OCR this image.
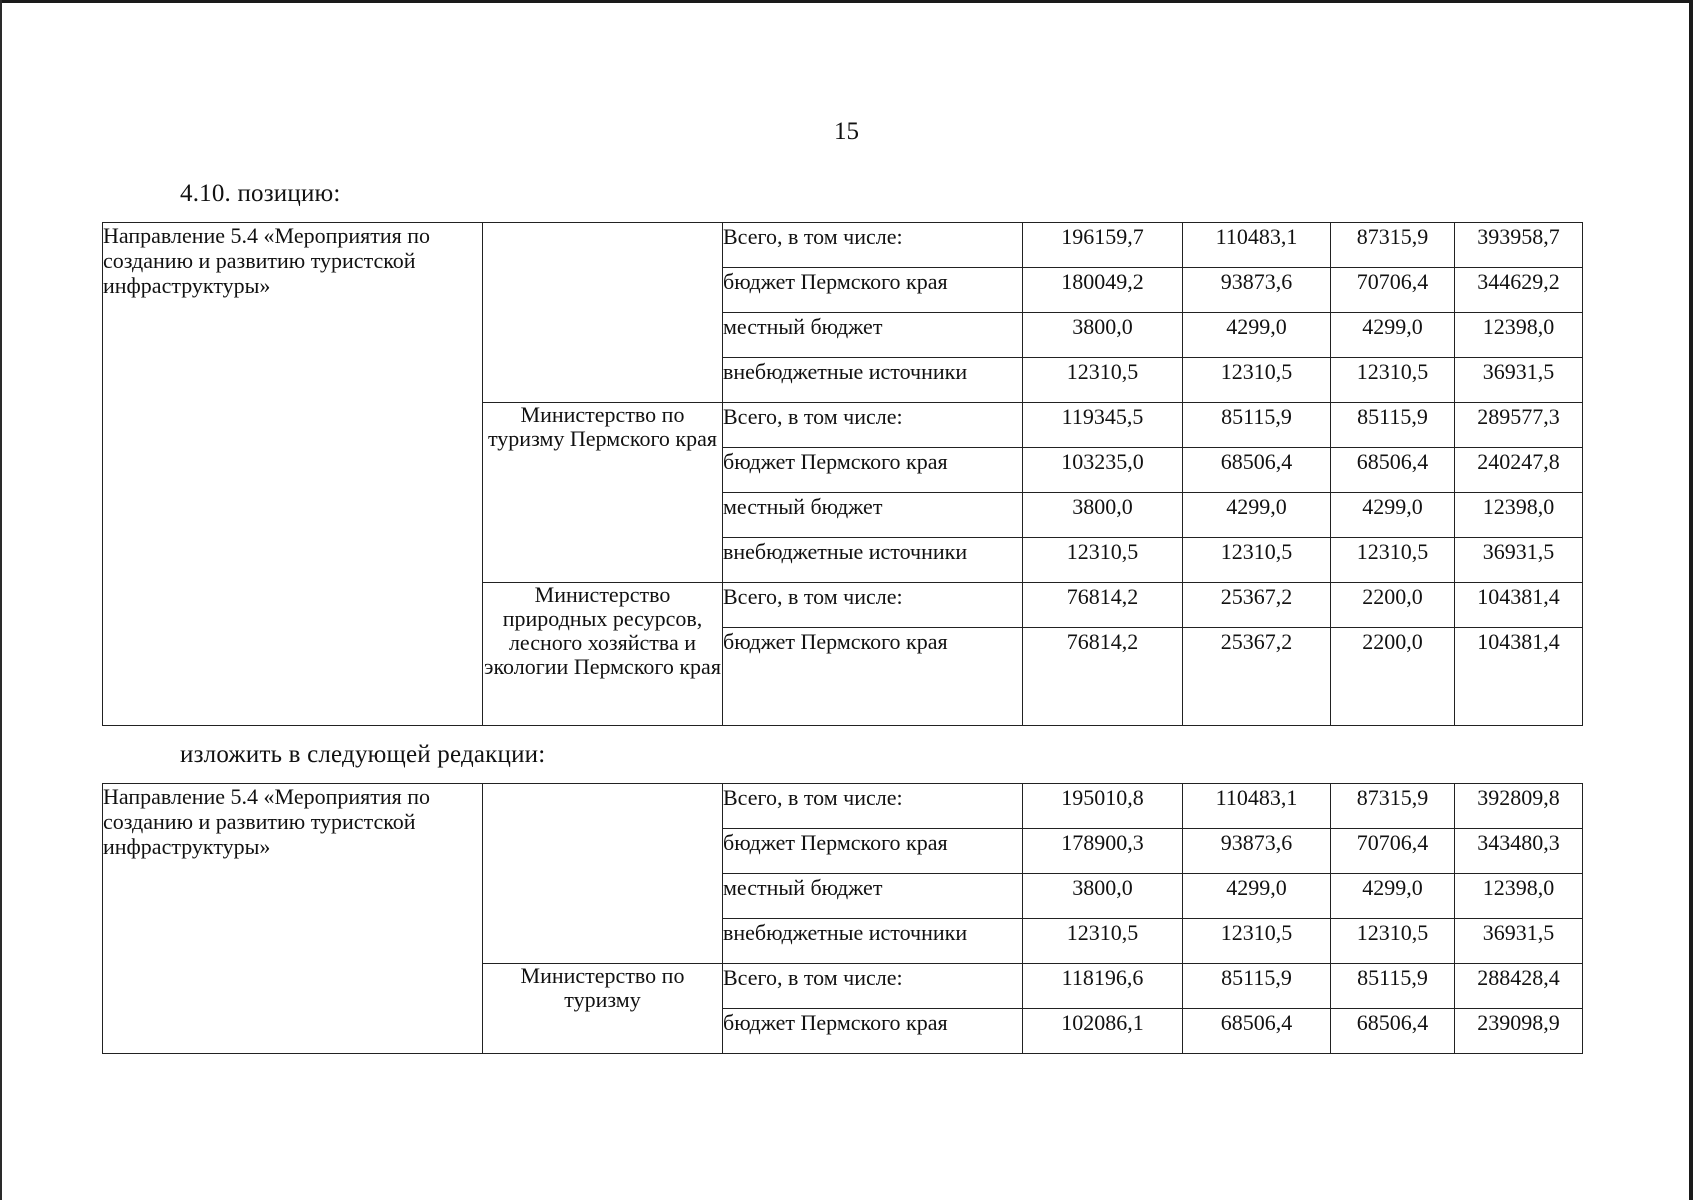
15
4.10. позицию:
Направление 5.4 «Мероприятия по созданию и развитию туристской инфраструктуры»		Всего, в том числе:	196159,7	110483,1	87315,9	393958,7
		бюджет Пермского края	180049,2	93873,6	70706,4	344629,2
		местный бюджет	3800,0	4299,0	4299,0	12398,0
		внебюджетные источники	12310,5	12310,5	12310,5	36931,5
	Министерство по туризму Пермского края	Всего, в том числе:	119345,5	85115,9	85115,9	289577,3
		бюджет Пермского края	103235,0	68506,4	68506,4	240247,8
		местный бюджет	3800,0	4299,0	4299,0	12398,0
		внебюджетные источники	12310,5	12310,5	12310,5	36931,5
	Министерство природных ресурсов, лесного хозяйства и экологии Пермского края	Всего, в том числе:	76814,2	25367,2	2200,0	104381,4
		бюджет Пермского края	76814,2	25367,2	2200,0	104381,4
изложить в следующей редакции:
Направление 5.4 «Мероприятия по созданию и развитию туристской инфраструктуры»		Всего, в том числе:	195010,8	110483,1	87315,9	392809,8
		бюджет Пермского края	178900,3	93873,6	70706,4	343480,3
		местный бюджет	3800,0	4299,0	4299,0	12398,0
		внебюджетные источники	12310,5	12310,5	12310,5	36931,5
	Министерство по туризму	Всего, в том числе:	118196,6	85115,9	85115,9	288428,4
		бюджет Пермского края	102086,1	68506,4	68506,4	239098,9
